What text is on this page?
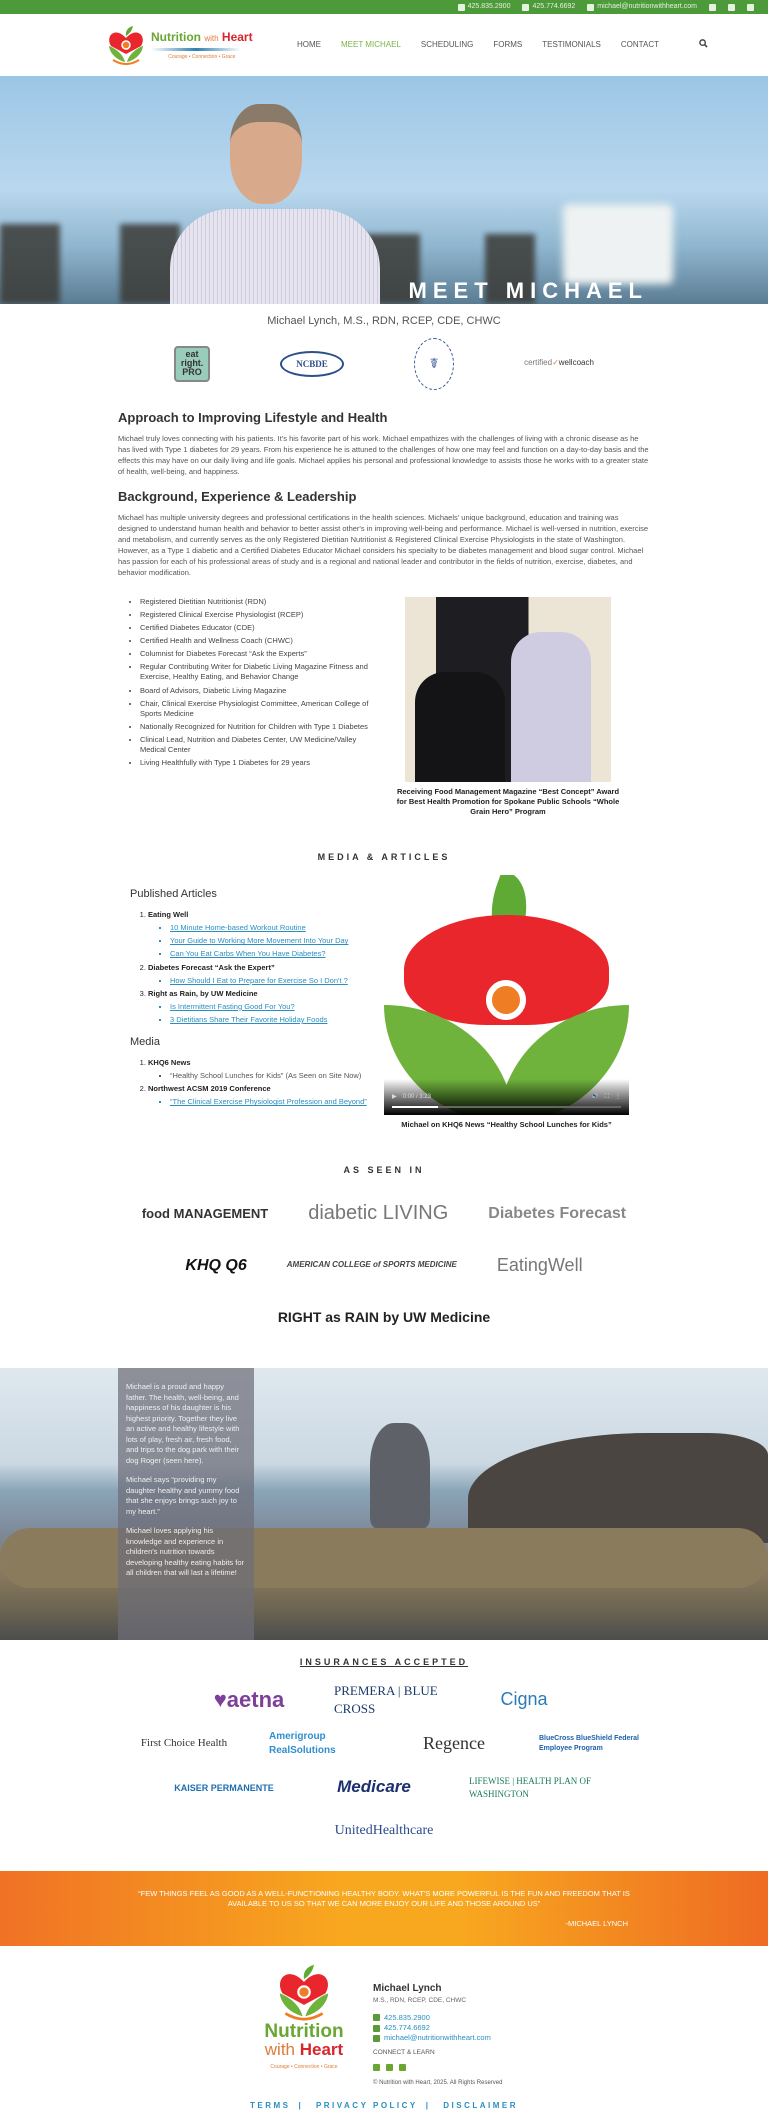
425.835.2900	425.774.6692	michael@nutritionwithheart.com
Nutrition with Heart
Courage • Connection • Grace
HOME	MEET MICHAEL	SCHEDULING	FORMS	TESTIMONIALS	CONTACT
MEET MICHAEL
Michael Lynch, M.S., RDN, RCEP, CDE, CHWC
eat
right.
PRO
NCBDE	☤	certified ✓ wellcoach
Approach to Improving Lifestyle and Health

Michael truly loves connecting with his patients. It's his favorite part of his work. Michael empathizes with the challenges of living with a chronic disease as he has lived with Type 1 diabetes for 29 years. From his experience he is attuned to the challenges of how one may feel and function on a day-to-day basis and the effects this may have on our daily living and life goals. Michael applies his personal and professional knowledge to assists those he works with to a greater state of health, well-being, and happiness.

Background, Experience & Leadership

Michael has multiple university degrees and professional certifications in the health sciences. Michaels' unique background, education and training was designed to understand human health and behavior to better assist other's in improving well-being and performance. Michael is well-versed in nutrition, exercise and metabolism, and currently serves as the only Registered Dietitian Nutritionist & Registered Clinical Exercise Physiologists in the state of Washington. However, as a Type 1 diabetic and a Certified Diabetes Educator Michael considers his specialty to be diabetes management and blood sugar control. Michael has passion for each of his professional areas of study and is a regional and national leader and contributor in the fields of nutrition, exercise, diabetes, and behavior modification.

• Registered Dietitian Nutritionist (RDN)
• Registered Clinical Exercise Physiologist (RCEP)
• Certified Diabetes Educator (CDE)
• Certified Health and Wellness Coach (CHWC)
• Columnist for Diabetes Forecast “Ask the Experts”
• Regular Contributing Writer for Diabetic Living Magazine Fitness and Exercise, Healthy Eating, and Behavior Change
• Board of Advisors, Diabetic Living Magazine
• Chair, Clinical Exercise Physiologist Committee, American College of Sports Medicine
• Nationally Recognized for Nutrition for Children with Type 1 Diabetes
• Clinical Lead, Nutrition and Diabetes Center, UW Medicine/Valley Medical Center
• Living Healthfully with Type 1 Diabetes for 29 years
Receiving Food Management Magazine “Best Concept” Award for Best Health Promotion for Spokane Public Schools “Whole Grain Hero” Program
MEDIA & ARTICLES
Published Articles
1. Eating Well
▪ 10 Minute Home-based Workout Routine
▪ Your Guide to Working More Movement Into Your Day
▪ Can You Eat Carbs When You Have Diabetes?
2. Diabetes Forecast “Ask the Expert”
▪ How Should I Eat to Prepare for Exercise So I Don't ?
3. Right as Rain, by UW Medicine
▪ Is Intermittent Fasting Good For You?
▪ 3 Dietitians Share Their Favorite Holiday Foods
Media
1. KHQ6 News
▪ “Healthy School Lunches for Kids” (As Seen on Site Now)
2. Northwest ACSM 2019 Conference
▪ “The Clinical Exercise Physiologist Profession and Beyond”
▶ 0:00 / 3:23	🔊 ⛶ ⋮
Michael on KHQ6 News “Healthy School Lunches for Kids”
AS SEEN IN
food MANAGEMENT diabetic LIVING	Diabetes Forecast
KHQ Q6	AMERICAN COLLEGE of SPORTS MEDICINE EatingWell
RIGHT as RAIN by UW Medicine

Michael is a proud and happy father. The health, well-being, and happiness of his daughter is his highest priority. Together they live an active and healthy lifestyle with lots of play, fresh air, fresh food, and trips to the dog park with their dog Roger (seen here).

Michael says “providing my daughter healthy and yummy food that she enjoys brings such joy to my heart.”

Michael loves applying his knowledge and experience in children's nutrition towards developing healthy eating habits for all children that will last a lifetime!

INSURANCES ACCEPTED
♥ aetna	PREMERA | BLUE CROSS	Cigna
First Choice Health
Amerigroup RealSolutions	Regence	BlueCross BlueShield Federal Employee Program
KAISER PERMANENTE	Medicare	LIFEWISE | HEALTH PLAN OF WASHINGTON
UnitedHealthcare
“FEW THINGS FEEL AS GOOD AS A WELL-FUNCTIONING HEALTHY BODY. WHAT'S MORE POWERFUL IS THE FUN AND FREEDOM THAT IS AVAILABLE TO US SO THAT WE CAN MORE ENJOY OUR LIFE AND THOSE AROUND US”
-MICHAEL LYNCH
Nutrition
with Heart
Courage • Connection • Grace
Michael Lynch
M.S., RDN, RCEP, CDE, CHWC
425.835.2900
425.774.6692
michael@nutritionwithheart.com
CONNECT & LEARN
© Nutrition with Heart, 2025. All Rights Reserved
TERMS | PRIVACY POLICY | DISCLAIMER
